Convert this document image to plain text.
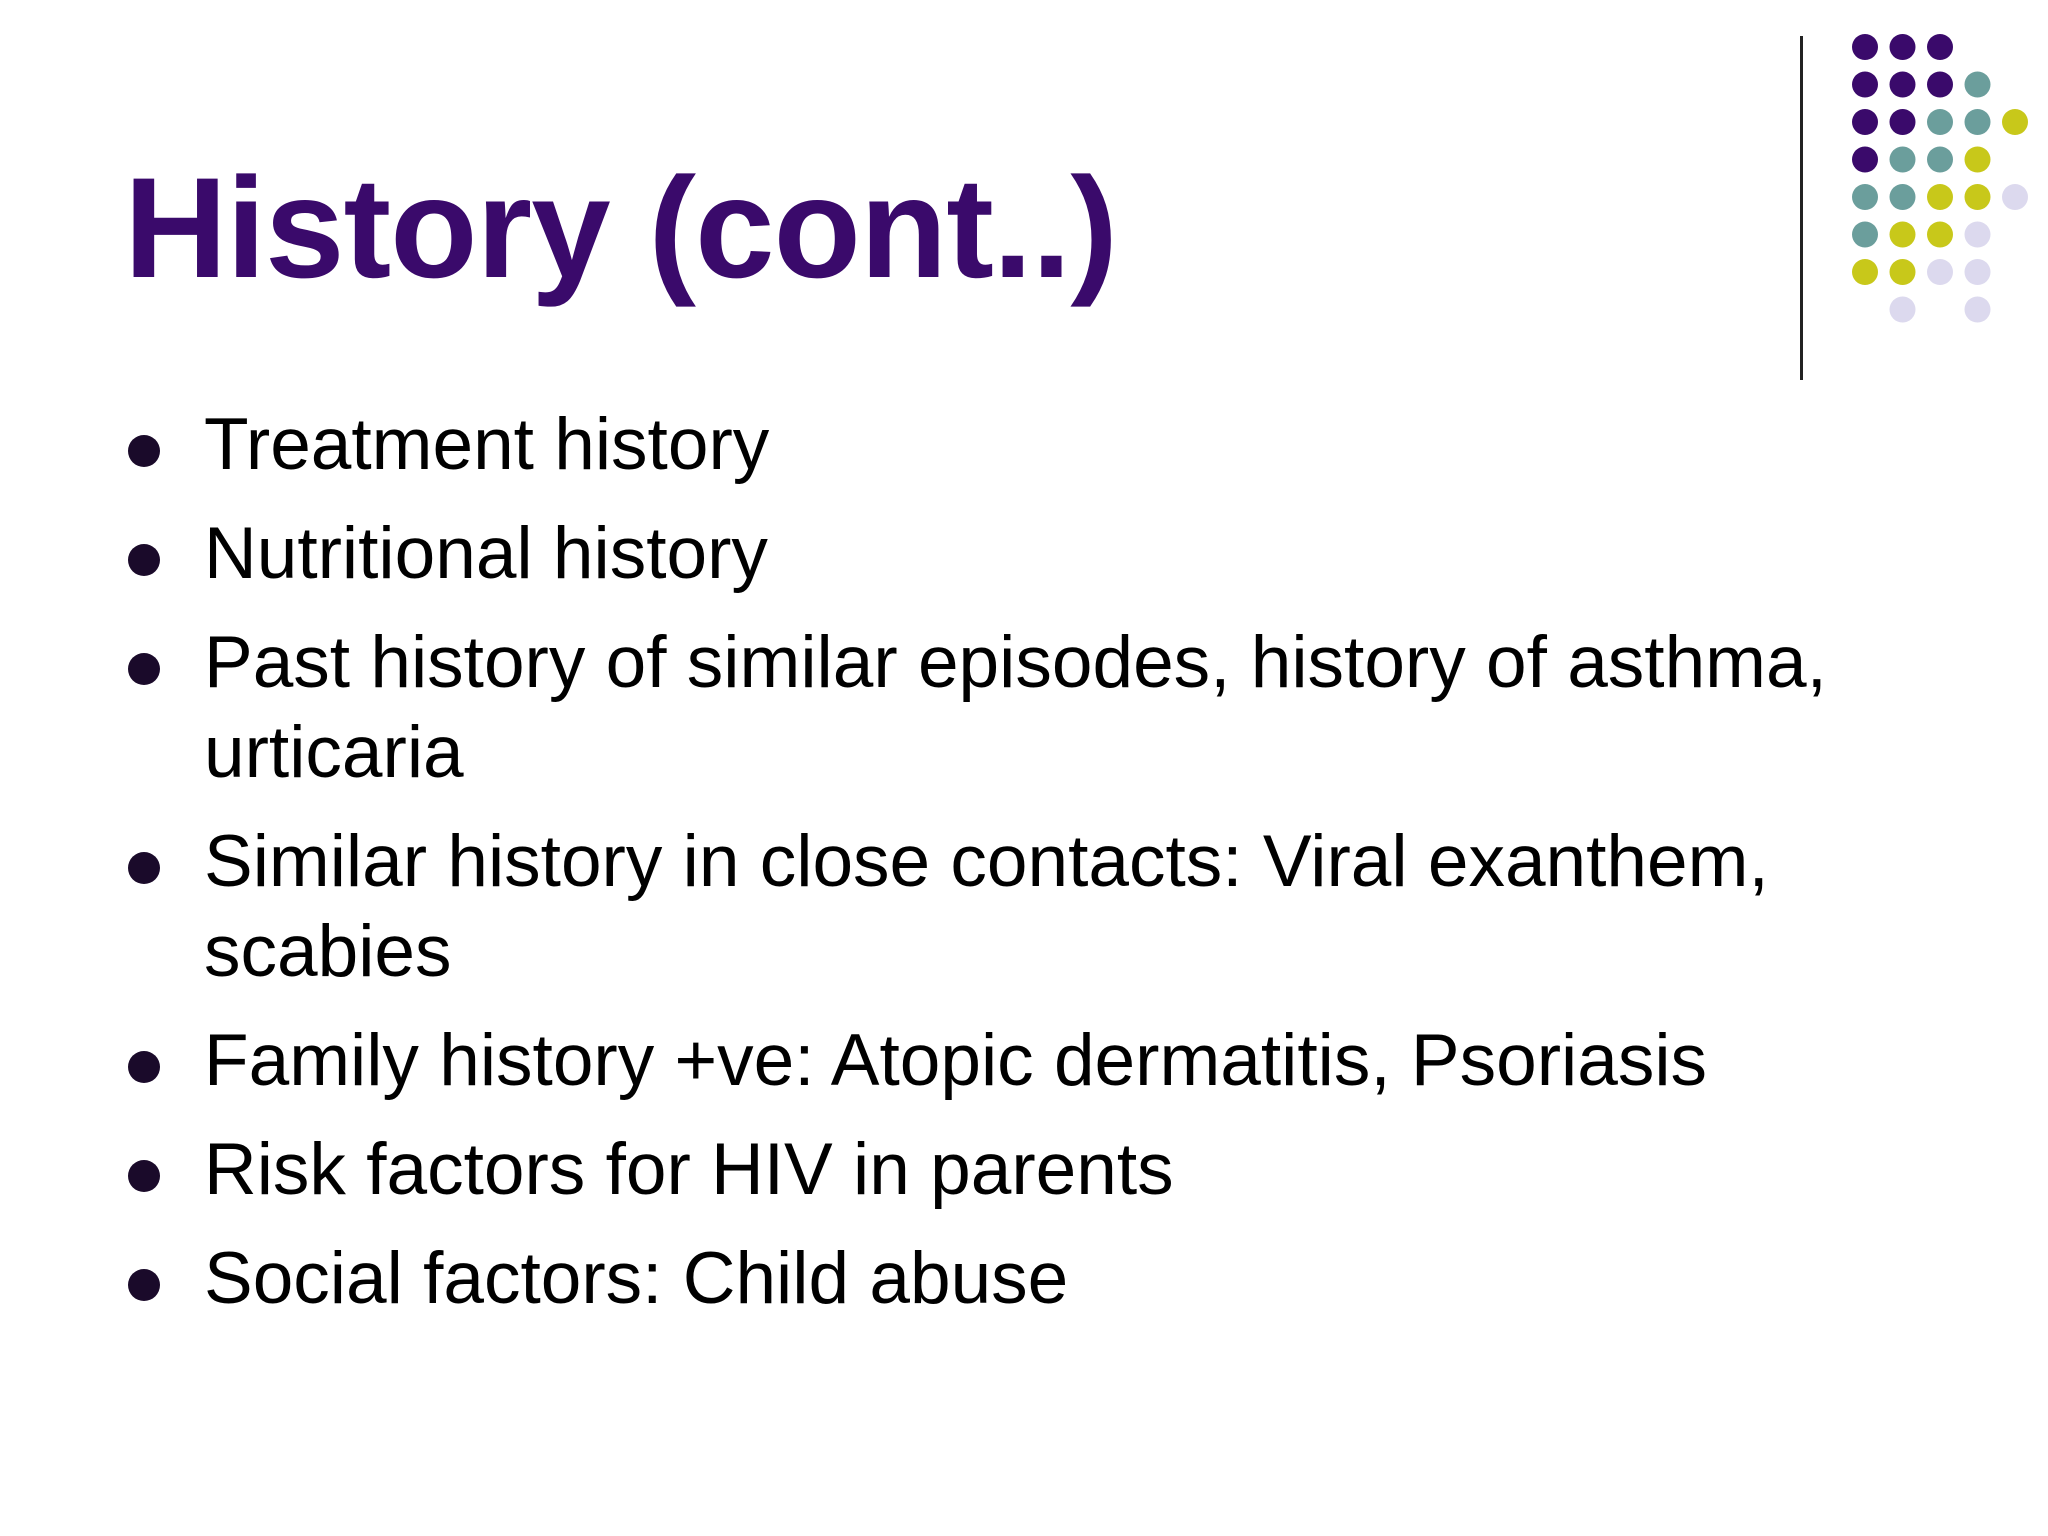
History (cont..)
Treatment history
Nutritional history
Past history of similar episodes, history of asthma, urticaria
Similar history in close contacts: Viral exanthem, scabies
Family history +ve: Atopic dermatitis, Psoriasis
Risk factors for HIV in parents
Social factors: Child abuse
